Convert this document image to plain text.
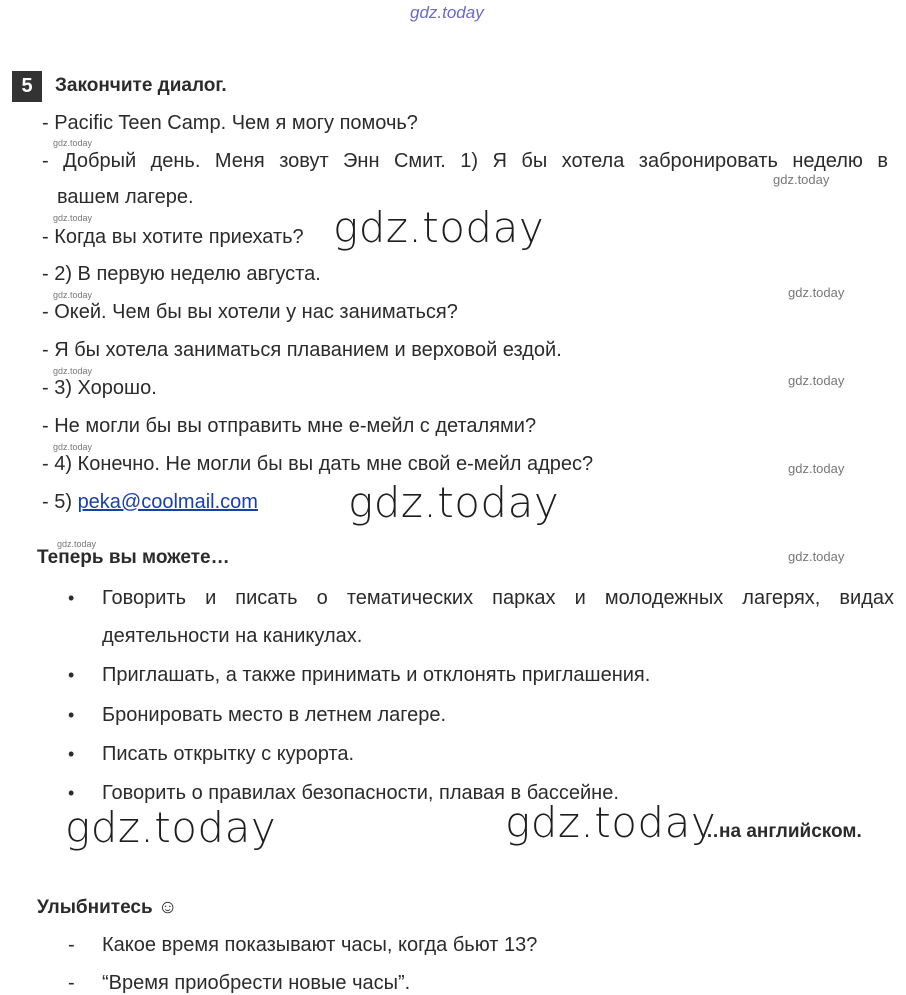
gdz.today
5	Закончите диалог.
- Pacific Teen Camp. Чем я могу помочь?
gdz.today
- Добрый день. Меня зовут Энн Смит. 1) Я бы хотела забронировать неделю в
gdz.today
вашем лагере.
gdz.today
- Когда вы хотите приехать? gdz.today
- 2) В первую неделю августа.
gdz.today	gdz.today
- Окей. Чем бы вы хотели у нас заниматься?
- Я бы хотела заниматься плаванием и верховой ездой.
gdz.today
gdz.today
- 3) Хорошо.
- Не могли бы вы отправить мне е-мейл с деталями?
gdz.today
gdz.today
- 4) Конечно. Не могли бы вы дать мне свой е-мейл адрес?
- 5) peka@coolmail.com gdz.today
gdz.today
Теперь вы можете…	gdz.today
• Говорить и писать о тематических парках и молодежных лагерях, видах
деятельности на каникулах.
• Приглашать, а также принимать и отклонять приглашения.
• Бронировать место в летнем лагере.
• Писать открытку с курорта.
• Говорить о правилах безопасности, плавая в бассейне.
gdz.today	gdz.today
…на английском.
Улыбнитесь ☺
- Какое время показывают часы, когда бьют 13?
- “Время приобрести новые часы”.
